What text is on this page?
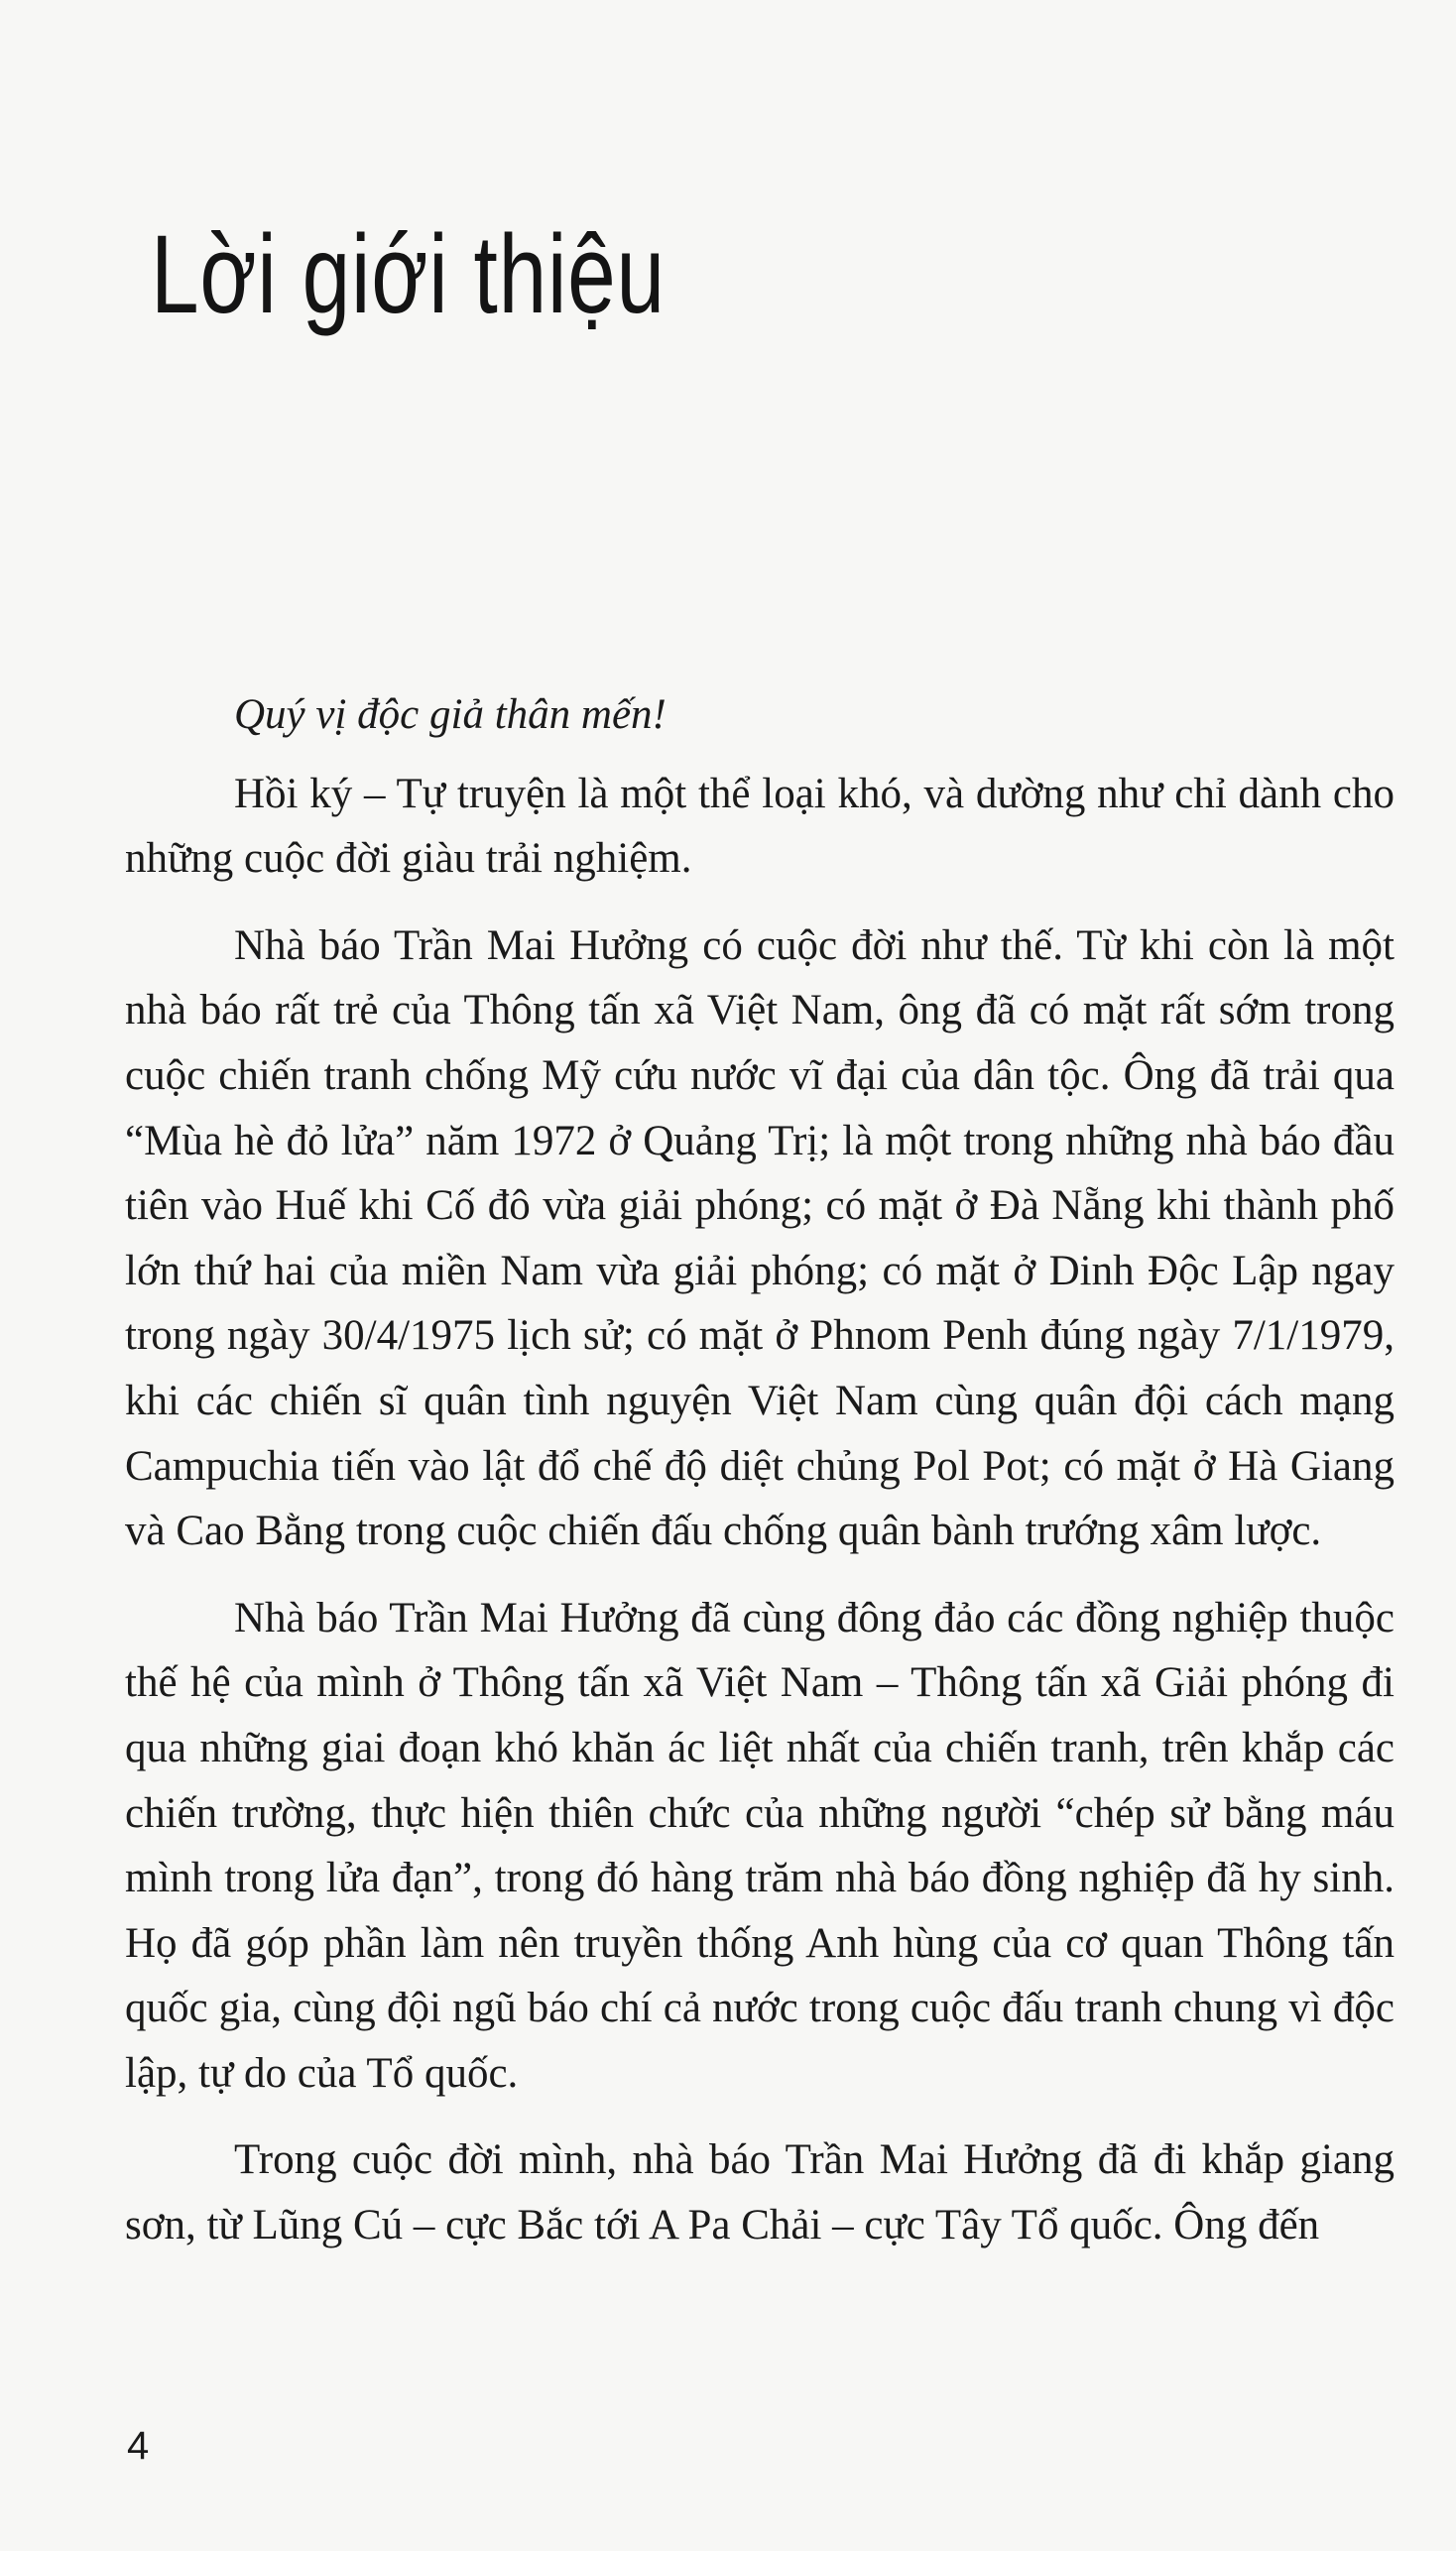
Lời giới thiệu

Quý vị độc giả thân mến!

Hồi ký – Tự truyện là một thể loại khó, và dường như chỉ dành cho những cuộc đời giàu trải nghiệm.

Nhà báo Trần Mai Hưởng có cuộc đời như thế. Từ khi còn là một nhà báo rất trẻ của Thông tấn xã Việt Nam, ông đã có mặt rất sớm trong cuộc chiến tranh chống Mỹ cứu nước vĩ đại của dân tộc. Ông đã trải qua “Mùa hè đỏ lửa” năm 1972 ở Quảng Trị; là một trong những nhà báo đầu tiên vào Huế khi Cố đô vừa giải phóng; có mặt ở Đà Nẵng khi thành phố lớn thứ hai của miền Nam vừa giải phóng; có mặt ở Dinh Độc Lập ngay trong ngày 30/4/1975 lịch sử; có mặt ở Phnom Penh đúng ngày 7/1/1979, khi các chiến sĩ quân tình nguyện Việt Nam cùng quân đội cách mạng Campuchia tiến vào lật đổ chế độ diệt chủng Pol Pot; có mặt ở Hà Giang và Cao Bằng trong cuộc chiến đấu chống quân bành trướng xâm lược.

Nhà báo Trần Mai Hưởng đã cùng đông đảo các đồng nghiệp thuộc thế hệ của mình ở Thông tấn xã Việt Nam – Thông tấn xã Giải phóng đi qua những giai đoạn khó khăn ác liệt nhất của chiến tranh, trên khắp các chiến trường, thực hiện thiên chức của những người “chép sử bằng máu mình trong lửa đạn”, trong đó hàng trăm nhà báo đồng nghiệp đã hy sinh. Họ đã góp phần làm nên truyền thống Anh hùng của cơ quan Thông tấn quốc gia, cùng đội ngũ báo chí cả nước trong cuộc đấu tranh chung vì độc lập, tự do của Tổ quốc.

Trong cuộc đời mình, nhà báo Trần Mai Hưởng đã đi khắp giang sơn, từ Lũng Cú – cực Bắc tới A Pa Chải – cực Tây Tổ quốc. Ông đến

4
